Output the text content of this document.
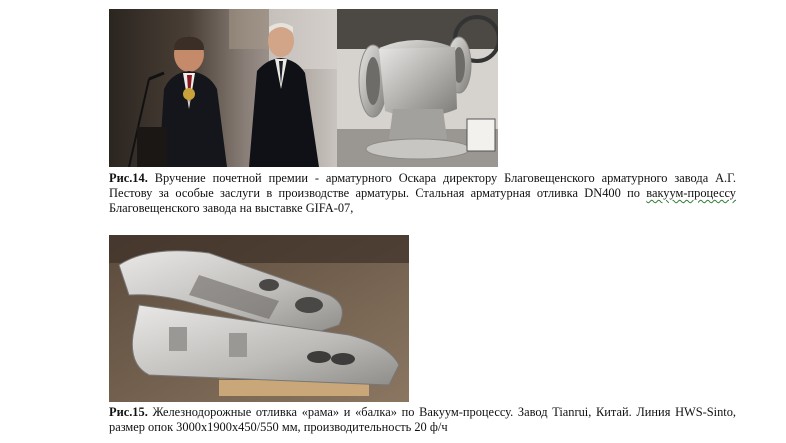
Рис.14. Вручение почетной премии - арматурного Оскара директору Благовещенского арматурного завода А.Г. Пестову за особые заслуги в производстве арматуры. Стальная арматурная отливка DN400 по вакуум-процессу Благовещенского завода на выставке GIFA-07,
Рис.15. Железнодорожные отливка «рама» и «балка» по Вакуум-процессу. Завод Tianrui, Китай. Линия HWS-Sinto, размер опок 3000х1900х450/550 мм, производительность 20 ф/ч
